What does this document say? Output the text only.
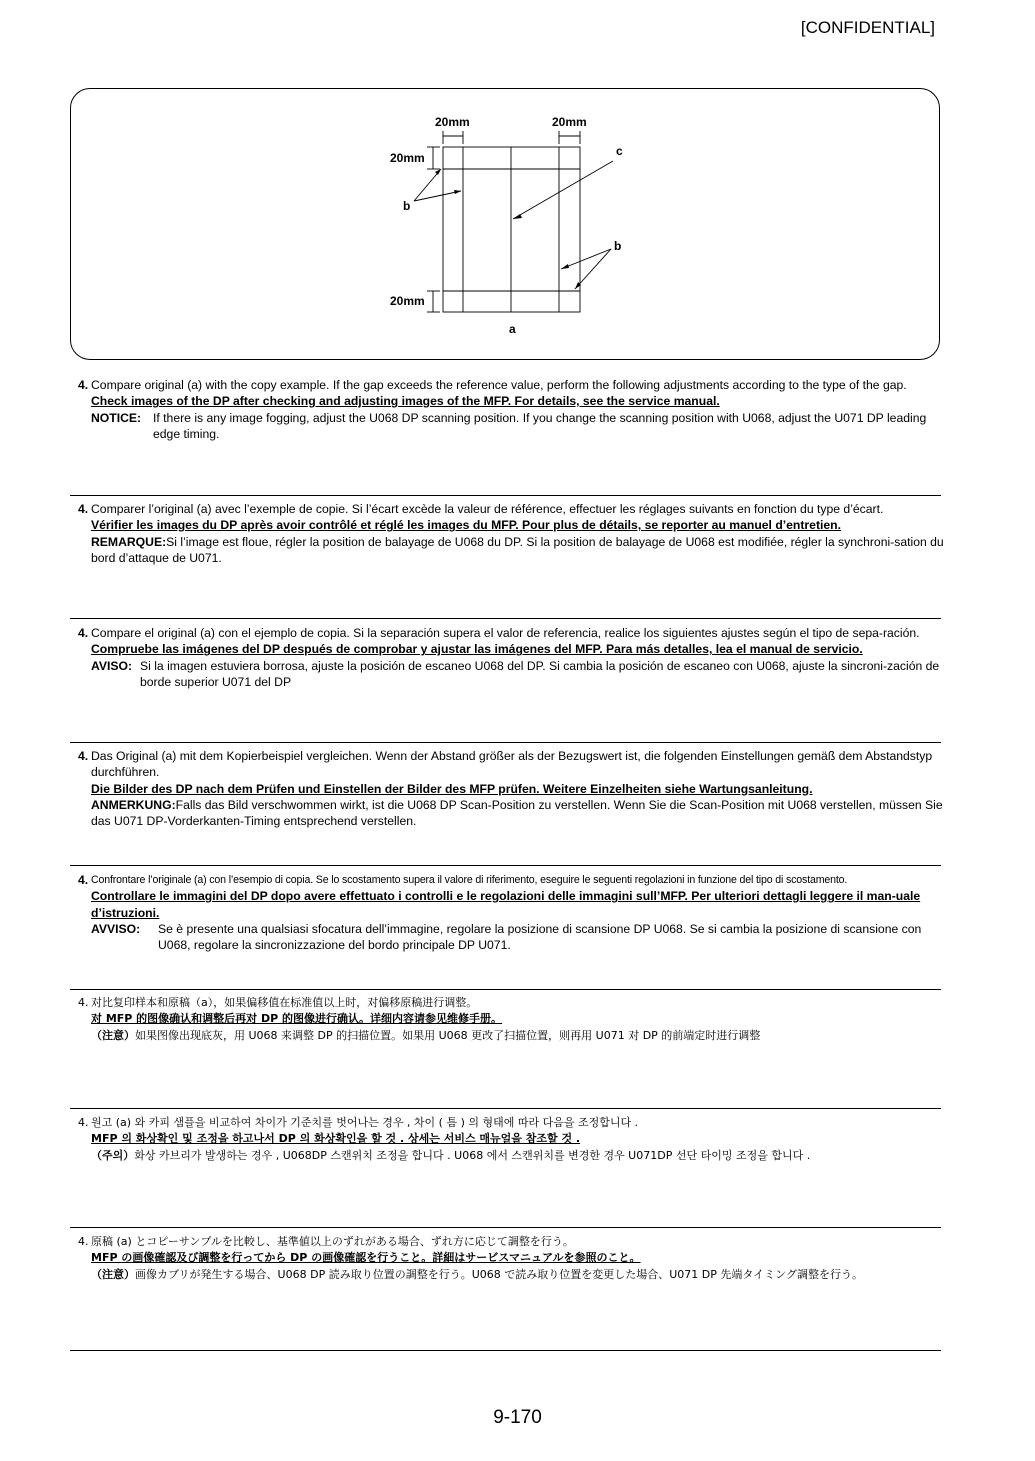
[CONFIDENTIAL]
20mm	20mm
20mm
20mm
b
c
b
a
4. Compare original (a) with the copy example. If the gap exceeds the reference value, perform the following adjustments according to the type of the gap.
Check images of the DP after checking and adjusting images of the MFP. For details, see the service manual.
NOTICE: If there is any image fogging, adjust the U068 DP scanning position. If you change the scanning position with U068, adjust the U071 DP leading edge timing.
4. Comparer l’original (a) avec l’exemple de copie. Si l’écart excède la valeur de référence, effectuer les réglages suivants en fonction du type d’écart.
Vérifier les images du DP après avoir contrôlé et réglé les images du MFP. Pour plus de détails, se reporter au manuel d’entretien.
REMARQUE:Si l’image est floue, régler la position de balayage de U068 du DP. Si la position de balayage de U068 est modifiée, régler la synchroni-sation du bord d’attaque de U071.
4. Compare el original (a) con el ejemplo de copia. Si la separación supera el valor de referencia, realice los siguientes ajustes según el tipo de sepa-ración.
Compruebe las imágenes del DP después de comprobar y ajustar las imágenes del MFP. Para más detalles, lea el manual de servicio.
AVISO: Si la imagen estuviera borrosa, ajuste la posición de escaneo U068 del DP. Si cambia la posición de escaneo con U068, ajuste la sincroni-zación de borde superior U071 del DP
4. Das Original (a) mit dem Kopierbeispiel vergleichen. Wenn der Abstand größer als der Bezugswert ist, die folgenden Einstellungen gemäß dem Abstandstyp durchführen.
Die Bilder des DP nach dem Prüfen und Einstellen der Bilder des MFP prüfen. Weitere Einzelheiten siehe Wartungsanleitung.
ANMERKUNG:Falls das Bild verschwommen wirkt, ist die U068 DP Scan-Position zu verstellen. Wenn Sie die Scan-Position mit U068 verstellen, müssen Sie das U071 DP-Vorderkanten-Timing entsprechend verstellen.
4. Confrontare l’originale (a) con l’esempio di copia. Se lo scostamento supera il valore di riferimento, eseguire le seguenti regolazioni in funzione del tipo di scostamento.
Controllare le immagini del DP dopo avere effettuato i controlli e le regolazioni delle immagini sull’MFP. Per ulteriori dettagli leggere il man-uale d’istruzioni.
AVVISO:	Se è presente una qualsiasi sfocatura dell’immagine, regolare la posizione di scansione DP U068. Se si cambia la posizione di scansione con U068, regolare la sincronizzazione del bordo principale DP U071.
4. 对比复印样本和原稿（a），如果偏移值在标准值以上时，对偏移原稿进行调整。
对 MFP 的图像确认和调整后再对 DP 的图像进行确认。详细内容请参见维修手册。
（注意） 如果图像出现底灰，用 U068 来调整 DP 的扫描位置。如果用 U068 更改了扫描位置，则再用 U071 对 DP 的前端定时进行调整
4. 원고 (a) 와 카피 샘플을 비교하여 차이가 기준치를 벗어나는 경우 , 차이 ( 틈 ) 의 형태에 따라 다음을 조정합니다 .
MFP 의 화상확인 및 조정을 하고나서 DP 의 화상확인을 할 것 . 상세는 서비스 매뉴얼을 참조할 것 .
（주의） 화상 카브리가 발생하는 경우 , U068DP 스캔위치 조정을 합니다 . U068 에서 스캔위치를 변경한 경우 U071DP 선단 타이밍 조정을 합니다 .
4. 原稿 (a) とコピーサンプルを比較し、基準値以上のずれがある場合、ずれ方に応じて調整を行う。
MFP の画像確認及び調整を行ってから DP の画像確認を行うこと。詳細はサービスマニュアルを参照のこと。
（注意） 画像カブリが発生する場合、U068 DP 読み取り位置の調整を行う。U068 で読み取り位置を変更した場合、U071 DP 先端タイミング調整を行う。
9-170
